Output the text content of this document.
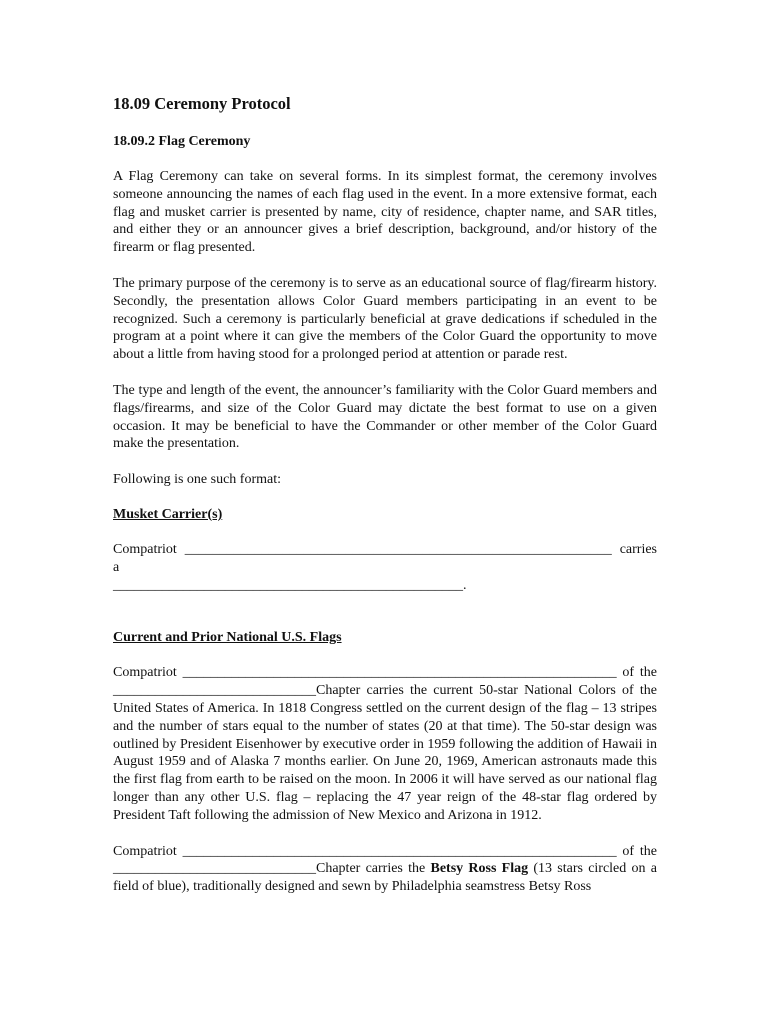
18.09 Ceremony Protocol
18.09.2 Flag Ceremony

A Flag Ceremony can take on several forms. In its simplest format, the ceremony involves someone announcing the names of each flag used in the event. In a more extensive format, each flag and musket carrier is presented by name, city of residence, chapter name, and SAR titles, and either they or an announcer gives a brief description, background, and/or history of the firearm or flag presented.

The primary purpose of the ceremony is to serve as an educational source of flag/firearm history. Secondly, the presentation allows Color Guard members participating in an event to be recognized. Such a ceremony is particularly beneficial at grave dedications if scheduled in the program at a point where it can give the members of the Color Guard the opportunity to move about a little from having stood for a prolonged period at attention or parade rest.

The type and length of the event, the announcer’s familiarity with the Color Guard members and flags/firearms, and size of the Color Guard may dictate the best format to use on a given occasion. It may be beneficial to have the Commander or other member of the Color Guard make the presentation.

Following is one such format:

Musket Carrier(s)

Compatriot _____________________________________________________________ carries a
__________________________________________________.

Current and Prior National U.S. Flags

Compatriot ______________________________________________________________ of the
_____________________________Chapter carries the current 50-star National Colors of the United States of America. In 1818 Congress settled on the current design of the flag – 13 stripes and the number of stars equal to the number of states (20 at that time). The 50-star design was outlined by President Eisenhower by executive order in 1959 following the addition of Hawaii in August 1959 and of Alaska 7 months earlier. On June 20, 1969, American astronauts made this the first flag from earth to be raised on the moon. In 2006 it will have served as our national flag longer than any other U.S. flag – replacing the 47 year reign of the 48-star flag ordered by President Taft following the admission of New Mexico and Arizona in 1912.

Compatriot ______________________________________________________________ of the
_____________________________Chapter carries the Betsy Ross Flag (13 stars circled on a field of blue), traditionally designed and sewn by Philadelphia seamstress Betsy Ross
